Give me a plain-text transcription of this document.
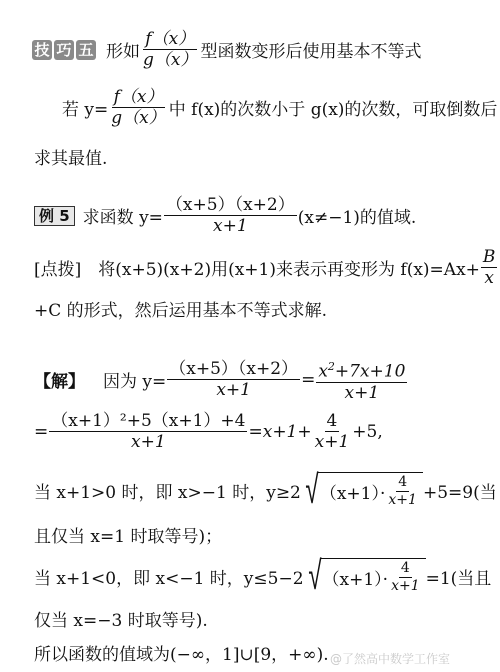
技 巧 五 形如 $\frac{f(x)}{g(x)}$ 型函数变形后使用基本不等式
若 $y= \frac{f(x)}{g(x)}$ 中 f(x)的次数小于 g(x)的次数，可取倒数后
求其最值.
例 5 求函数 $y= \frac{(x+5)(x+2)}{x+1} (x\ne-1)$的值域.
[点拨]　将(x+5)(x+2)用(x+1)来表示再变形为 $f(x)=Ax+ \frac{B}{x}$
+C 的形式，然后运用基本不等式求解.
【解】 因为 $y= \frac{(x+5)(x+2)}{x+1} = \frac{x^2+7x+10}{x+1}$
= $\frac{\text{（x+1）²+5（x+1）+4}}{x+1} =x+1+ \frac{4}{x+1} +5$,
当 x+1>0 时，即 x>−1 时，y≥2 √ $(x+1)\cdot \frac{4}{x+1} +5=9$(当
且仅当 x=1 时取等号)；
当 x+1<0，即 x<−1 时，y≤5−2 √ $(x+1)\cdot \frac{4}{x+1} =1$(当且
仅当 x=−3 时取等号).
所以函数的值域为(−∞，1]∪[9，+∞). @了然高中数学工作室
